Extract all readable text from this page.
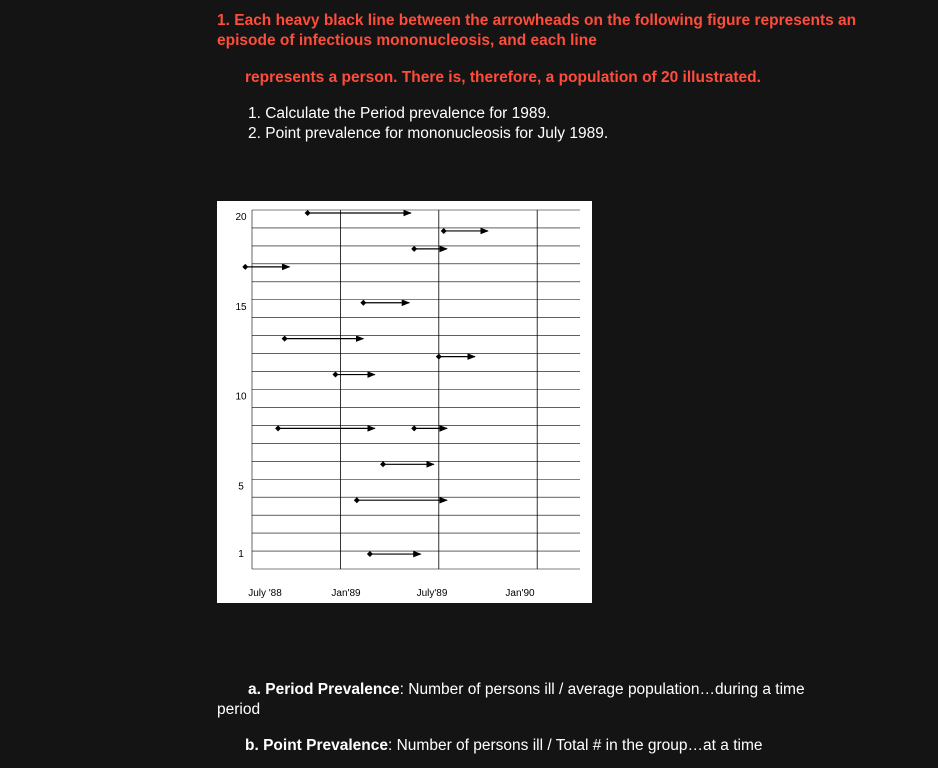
1. Each heavy black line between the arrowheads on the following figure represents an episode of infectious mononucleosis, and each line
represents a person. There is, therefore, a population of 20 illustrated.
1. Calculate the Period prevalence for 1989.
2. Point prevalence for mononucleosis for July 1989.
20
15
10
5
1
July '88	Jan'89	July'89	Jan'90
a. Period Prevalence: Number of persons ill / average population…during a time period
b. Point Prevalence: Number of persons ill / Total # in the group…at a time
